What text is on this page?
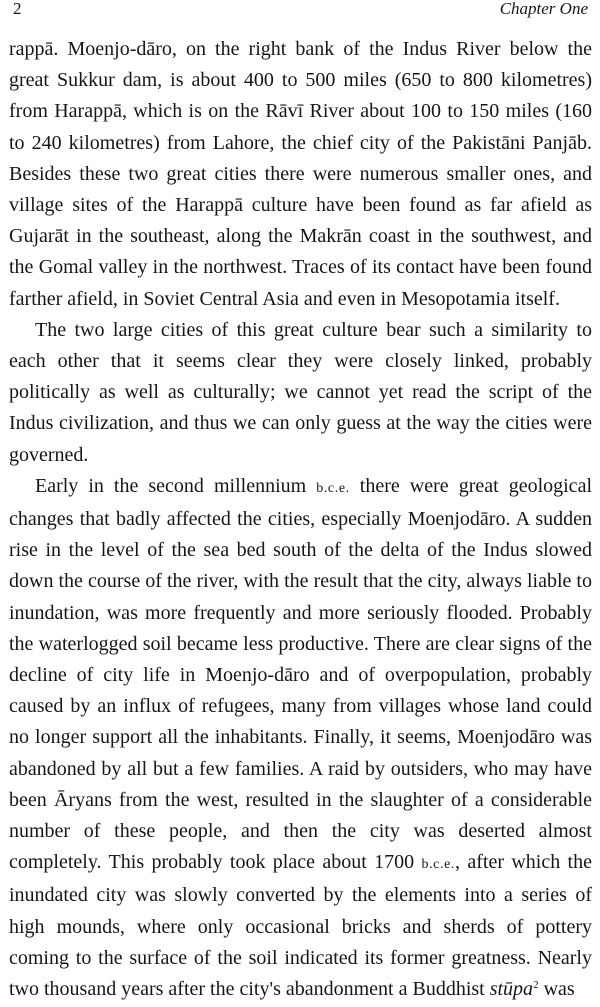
2	Chapter One

rappā. Moenjo-dāro, on the right bank of the Indus River below the great Sukkur dam, is about 400 to 500 miles (650 to 800 kilometres) from Harappā, which is on the Rāvī River about 100 to 150 miles (160 to 240 kilometres) from Lahore, the chief city of the Pakistāni Panjāb. Besides these two great cities there were numerous smaller ones, and village sites of the Harappā culture have been found as far afield as Gujarāt in the southeast, along the Makrān coast in the southwest, and the Gomal valley in the northwest. Traces of its contact have been found farther afield, in Soviet Central Asia and even in Mesopotamia itself.

The two large cities of this great culture bear such a similarity to each other that it seems clear they were closely linked, probably politically as well as culturally; we cannot yet read the script of the Indus civilization, and thus we can only guess at the way the cities were governed.

Early in the second millennium b.c.e. there were great geological changes that badly affected the cities, especially Moenjodāro. A sudden rise in the level of the sea bed south of the delta of the Indus slowed down the course of the river, with the result that the city, always liable to inundation, was more frequently and more seriously flooded. Probably the waterlogged soil became less productive. There are clear signs of the decline of city life in Moenjo-dāro and of overpopulation, probably caused by an influx of refugees, many from villages whose land could no longer support all the inhabitants. Finally, it seems, Moenjodāro was abandoned by all but a few families. A raid by outsiders, who may have been Āryans from the west, resulted in the slaughter of a considerable number of these people, and then the city was deserted almost completely. This probably took place about 1700 b.c.e., after which the inundated city was slowly converted by the elements into a series of high mounds, where only occasional bricks and sherds of pottery coming to the surface of the soil indicated its former greatness. Nearly two thousand years after the city's abandonment a Buddhist stūpa$^2$ was
